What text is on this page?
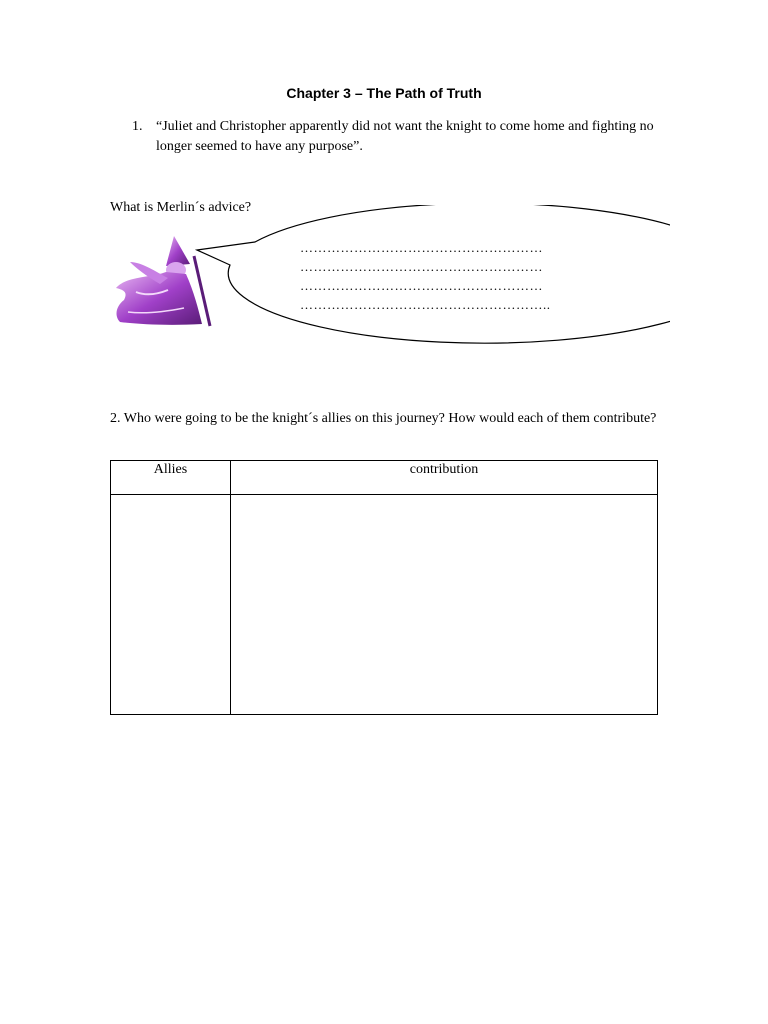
Chapter 3 – The Path of Truth
1. “Juliet and Christopher apparently did not want the knight to come home and fighting no longer seemed to have any purpose”.
What is Merlin´s advice?
………………………………………………
………………………………………………
………………………………………………
………………………………………………..
2. Who were going to be the knight´s allies on this journey? How would each of them contribute?
Allies	contribution
